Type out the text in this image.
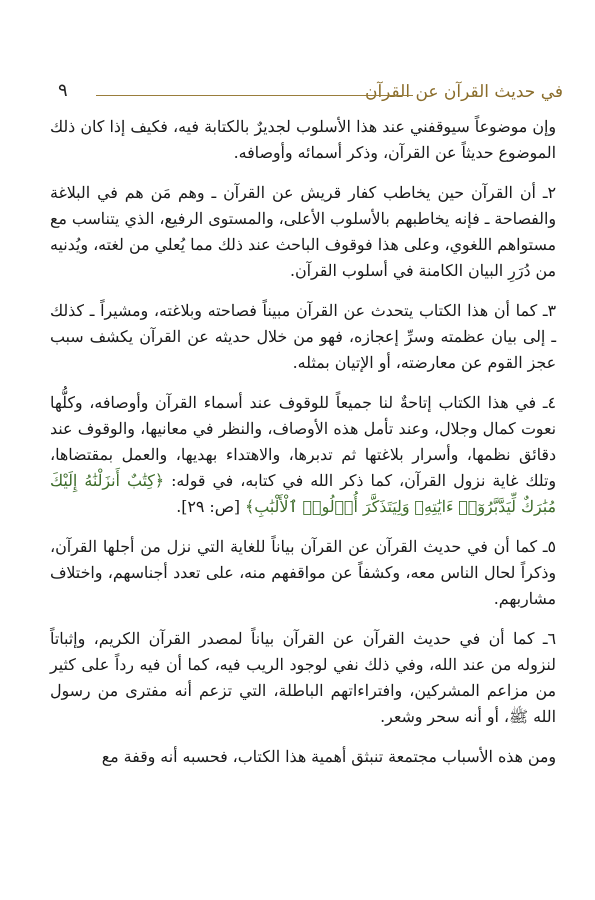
في حديث القرآن عن القرآن
٩

وإن موضوعاً سيوقفني عند هذا الأسلوب لجديرٌ بالكتابة فيه، فكيف إذا كان ذلك الموضوع حديثاً عن القرآن، وذكر أسمائه وأوصافه.

٢ـ أن القرآن حين يخاطب كفار قريش عن القرآن ـ وهم مَن هم في البلاغة والفصاحة ـ فإنه يخاطبهم بالأسلوب الأعلى، والمستوى الرفيع، الذي يتناسب مع مستواهم اللغوي، وعلى هذا فوقوف الباحث عند ذلك مما يُعلي من لغته، ويُدنيه من دُرَرِ البيان الكامنة في أسلوب القرآن.

٣ـ كما أن هذا الكتاب يتحدث عن القرآن مبيناً فصاحته وبلاغته، ومشيراً ـ كذلك ـ إلى بيان عظمته وسرِّ إعجازه، فهو من خلال حديثه عن القرآن يكشف سبب عجز القوم عن معارضته، أو الإتيان بمثله.

٤ـ في هذا الكتاب إتاحةٌ لنا جميعاً للوقوف عند أسماء القرآن وأوصافه، وكلُّها نعوت كمال وجلال، وعند تأمل هذه الأوصاف، والنظر في معانيها، والوقوف عند دقائق نظمها، وأسرار بلاغتها ثم تدبرها، والاهتداء بهديها، والعمل بمقتضاها، وتلك غاية نزول القرآن، كما ذكر الله في كتابه، في قوله: ﴿كِتَٰبٌ أَنزَلْنَٰهُ إِلَيْكَ مُبَٰرَكٌ لِّيَدَّبَّرُوٓا۟ ءَايَٰتِهِۦ وَلِيَتَذَكَّرَ أُو۟لُوا۟ ٱلْأَلْبَٰبِ﴾ [ص: ٢٩].

٥ـ كما أن في حديث القرآن عن القرآن بياناً للغاية التي نزل من أجلها القرآن، وذكراً لحال الناس معه، وكشفاً عن مواقفهم منه، على تعدد أجناسهم، واختلاف مشاربهم.

٦ـ كما أن في حديث القرآن عن القرآن بياناً لمصدر القرآن الكريم، وإثباتاً لنزوله من عند الله، وفي ذلك نفي لوجود الريب فيه، كما أن فيه رداً على كثير من مزاعم المشركين، وافتراءاتهم الباطلة، التي تزعم أنه مفترى من رسول الله ﷺ، أو أنه سحر وشعر.

ومن هذه الأسباب مجتمعة تنبثق أهمية هذا الكتاب، فحسبه أنه وقفة مع
